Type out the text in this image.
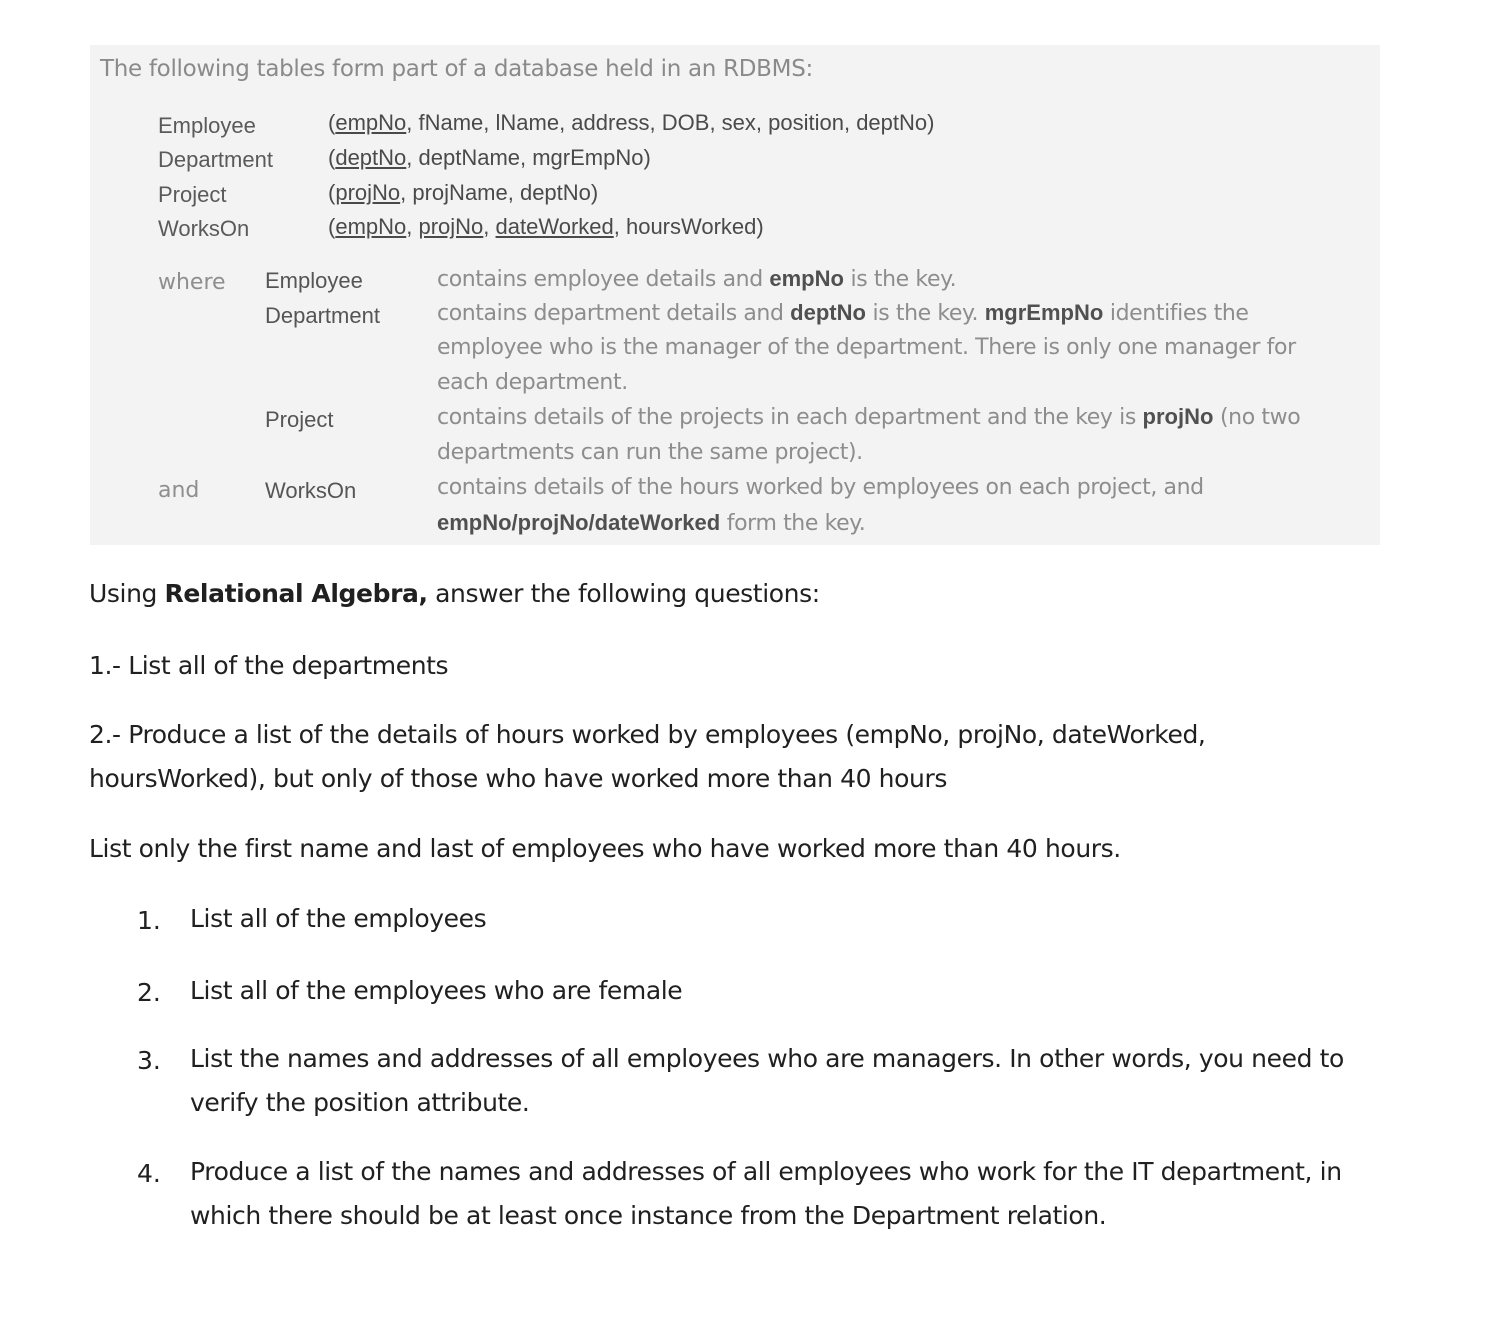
The following tables form part of a database held in an RDBMS:
Employee	(empNo, fName, lName, address, DOB, sex, position, deptNo)
Department	(deptNo, deptName, mgrEmpNo)
Project	(projNo, projName, deptNo)
WorksOn	(empNo, projNo, dateWorked, hoursWorked)
where Employee	contains employee details and empNo is the key.
Department	contains department details and deptNo is the key. mgrEmpNo identifies the
employee who is the manager of the department. There is only one manager for
each department.
Project	contains details of the projects in each department and the key is projNo (no two
departments can run the same project).
and	WorksOn	contains details of the hours worked by employees on each project, and
empNo/projNo/dateWorked form the key.
Using Relational Algebra, answer the following questions:
1.- List all of the departments
2.- Produce a list of the details of hours worked by employees (empNo, projNo, dateWorked,
hoursWorked), but only of those who have worked more than 40 hours
List only the first name and last of employees who have worked more than 40 hours.
1. List all of the employees
2. List all of the employees who are female
3. List the names and addresses of all employees who are managers. In other words, you need to
verify the position attribute.
4. Produce a list of the names and addresses of all employees who work for the IT department, in
which there should be at least once instance from the Department relation.
